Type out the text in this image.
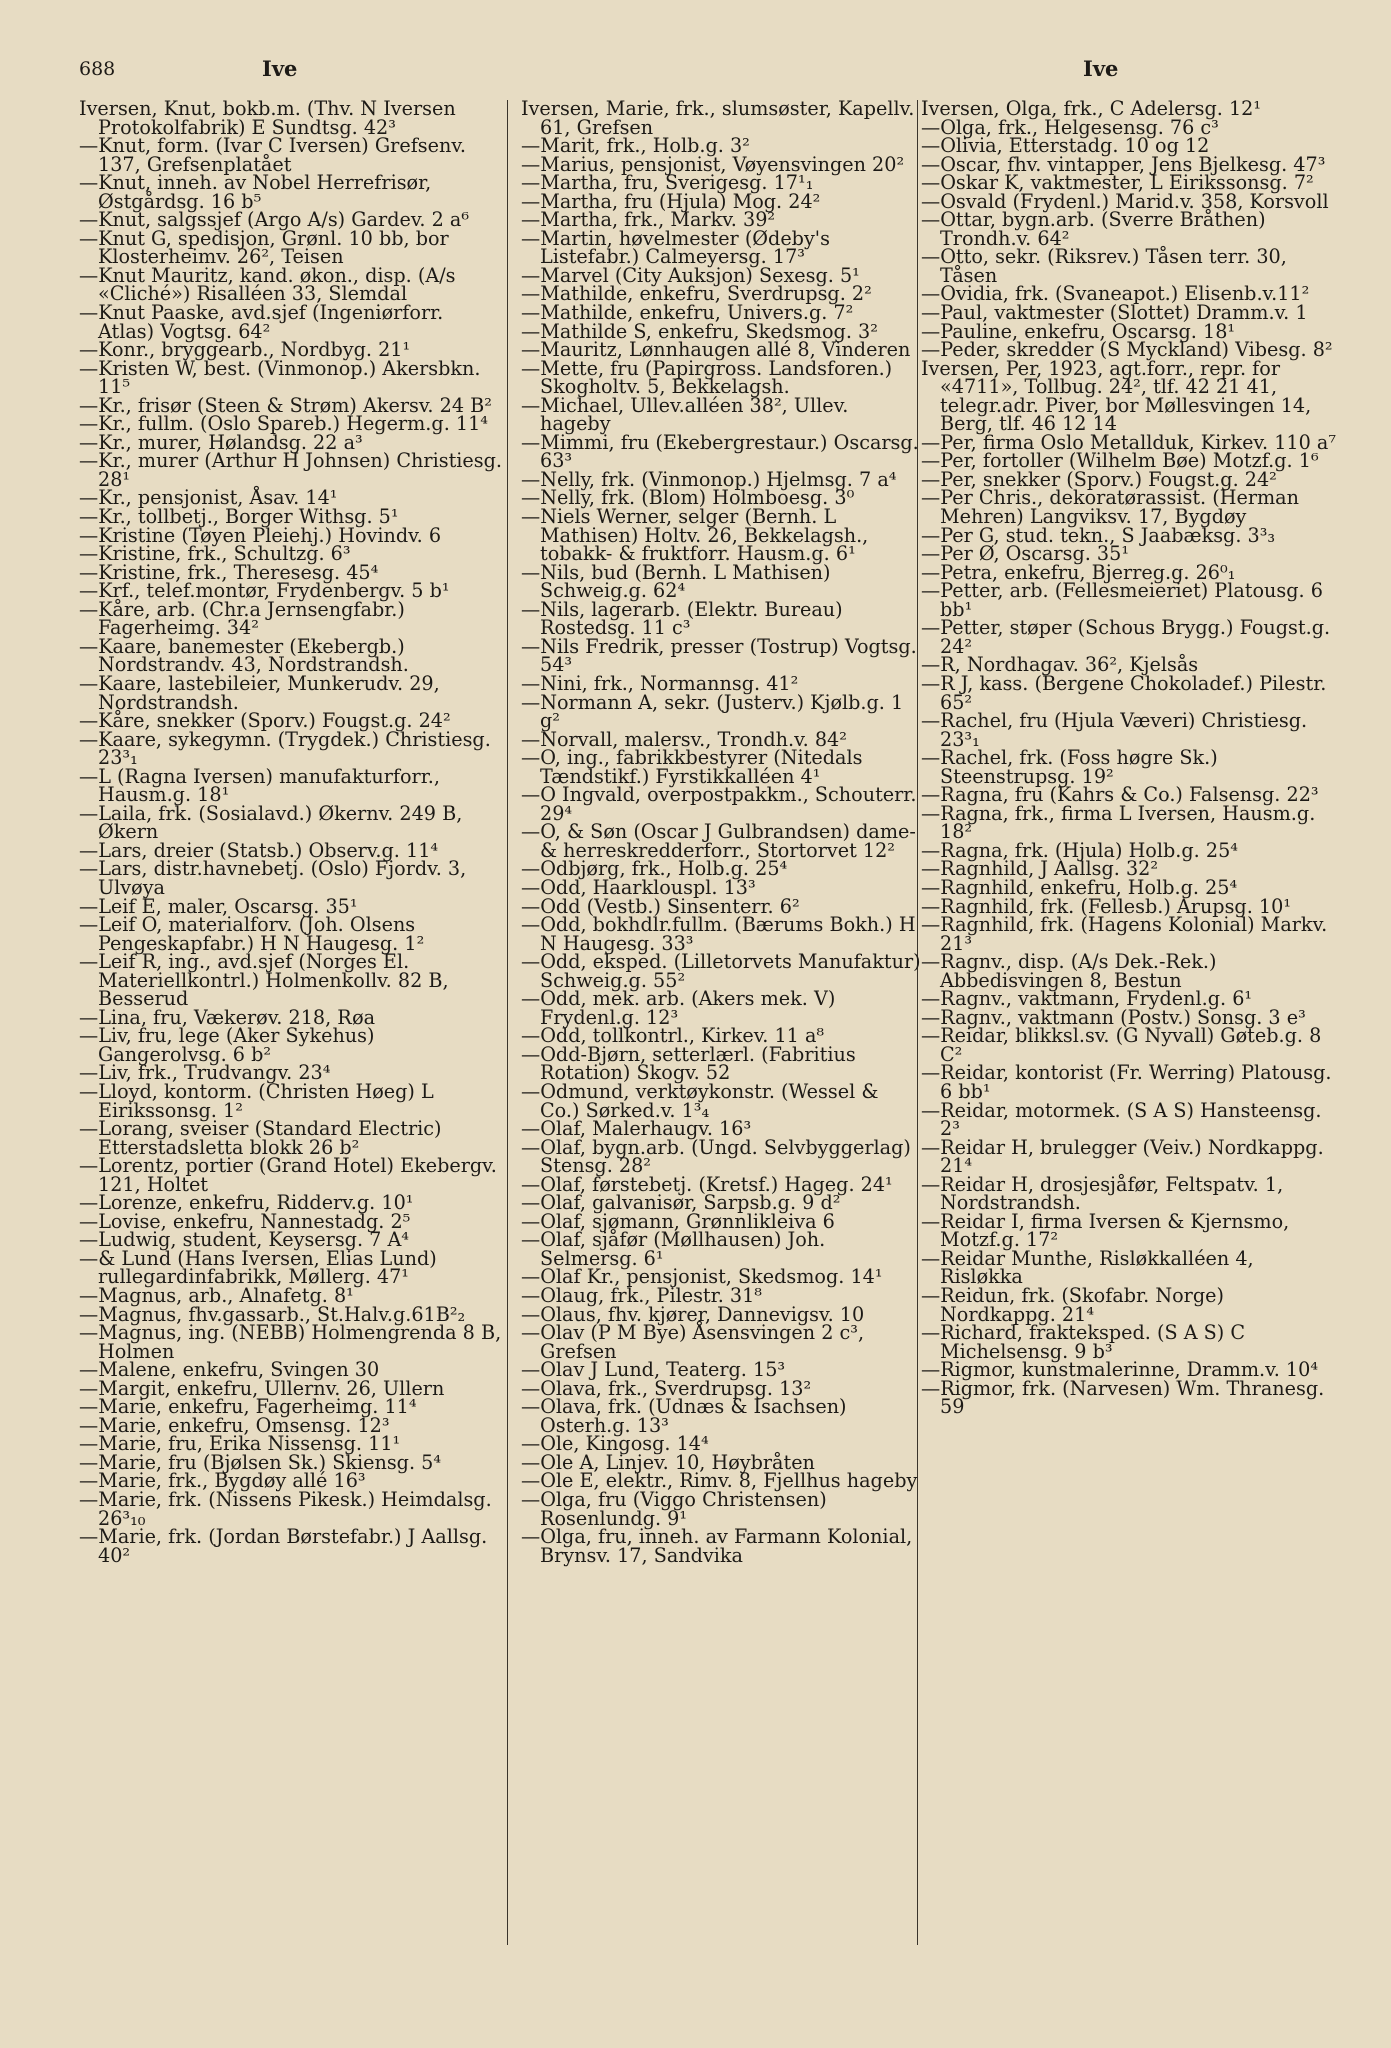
688	Ive	Ive

Iversen, Knut, bokb.m. (Thv. N Iversen Protokolfabrik) E Sundtsg. 42³

—Knut, form. (Ivar C Iversen) Grefsenv. 137, Grefsenplatået

—Knut, inneh. av Nobel Herrefrisør, Østgårdsg. 16 b⁵

—Knut, salgssjef (Argo A/s) Gardev. 2 a⁶

—Knut G, spedisjon, Grønl. 10 bb, bor Klosterheimv. 26², Teisen

—Knut Mauritz, kand. økon., disp. (A/s «Cliché») Risalléen 33, Slemdal

—Knut Paaske, avd.sjef (Ingeniørforr. Atlas) Vogtsg. 64²

—Konr., bryggearb., Nordbyg. 21¹

—Kristen W, best. (Vinmonop.) Akersbkn. 11⁵

—Kr., frisør (Steen & Strøm) Akersv. 24 B²

—Kr., fullm. (Oslo Spareb.) Hegerm.g. 11⁴

—Kr., murer, Hølandsg. 22 a³

—Kr., murer (Arthur H Johnsen) Christiesg. 28¹

—Kr., pensjonist, Åsav. 14¹

—Kr., tollbetj., Borger Withsg. 5¹

—Kristine (Tøyen Pleiehj.) Hovindv. 6

—Kristine, frk., Schultzg. 6³

—Kristine, frk., Theresesg. 45⁴

—Krf., telef.montør, Frydenbergv. 5 b¹

—Kåre, arb. (Chr.a Jernsengfabr.) Fagerheimg. 34²

—Kaare, banemester (Ekebergb.) Nordstrandv. 43, Nordstrandsh.

—Kaare, lastebileier, Munkerudv. 29, Nordstrandsh.

—Kåre, snekker (Sporv.) Fougst.g. 24²

—Kaare, sykegymn. (Trygdek.) Christiesg. 23³₁

—L (Ragna Iversen) manufakturforr., Hausm.g. 18¹

—Laila, frk. (Sosialavd.) Økernv. 249 B, Økern

—Lars, dreier (Statsb.) Observ.g. 11⁴

—Lars, distr.havnebetj. (Oslo) Fjordv. 3, Ulvøya

—Leif E, maler, Oscarsg. 35¹

—Leif O, materialforv. (Joh. Olsens Pengeskapfabr.) H N Haugesg. 1²

—Leif R, ing., avd.sjef (Norges El. Materiellkontrl.) Holmenkollv. 82 B, Besserud

—Lina, fru, Vækerøv. 218, Røa

—Liv, fru, lege (Aker Sykehus) Gangerolvsg. 6 b²

—Liv, frk., Trudvangv. 23⁴

—Lloyd, kontorm. (Christen Høeg) L Eirikssonsg. 1²

—Lorang, sveiser (Standard Electric) Etterstadsletta blokk 26 b²

—Lorentz, portier (Grand Hotel) Ekebergv. 121, Holtet

—Lorenze, enkefru, Ridderv.g. 10¹

—Lovise, enkefru, Nannestadg. 2⁵

—Ludwig, student, Keysersg. 7 A⁴

—& Lund (Hans Iversen, Elias Lund) rullegardinfabrikk, Møllerg. 47¹

—Magnus, arb., Alnafetg. 8¹

—Magnus, fhv.gassarb., St.Halv.g.61B²₂

—Magnus, ing. (NEBB) Holmengrenda 8 B, Holmen

—Malene, enkefru, Svingen 30

—Margit, enkefru, Ullernv. 26, Ullern

—Marie, enkefru, Fagerheimg. 11⁴

—Marie, enkefru, Omsensg. 12³

—Marie, fru, Erika Nissensg. 11¹

—Marie, fru (Bjølsen Sk.) Skiensg. 5⁴

—Marie, frk., Bygdøy allé 16³

—Marie, frk. (Nissens Pikesk.) Heimdalsg. 26³₁₀

—Marie, frk. (Jordan Børstefabr.) J Aallsg. 40²

Iversen, Marie, frk., slumsøster, Kapellv. 61, Grefsen

—Marit, frk., Holb.g. 3²

—Marius, pensjonist, Vøyensvingen 20²

—Martha, fru, Sverigesg. 17¹₁

—Martha, fru (Hjula) Mog. 24²

—Martha, frk., Markv. 39²

—Martin, høvelmester (Ødeby's Listefabr.) Calmeyersg. 17³

—Marvel (City Auksjon) Sexesg. 5¹

—Mathilde, enkefru, Sverdrupsg. 2²

—Mathilde, enkefru, Univers.g. 7²

—Mathilde S, enkefru, Skedsmog. 3²

—Mauritz, Lønnhaugen allé 8, Vinderen

—Mette, fru (Papirgross. Landsforen.) Skogholtv. 5, Bekkelagsh.

—Michael, Ullev.alléen 38², Ullev. hageby

—Mimmi, fru (Ekebergrestaur.) Oscarsg. 63³

—Nelly, frk. (Vinmonop.) Hjelmsg. 7 a⁴

—Nelly, frk. (Blom) Holmboesg. 3⁰

—Niels Werner, selger (Bernh. L Mathisen) Holtv. 26, Bekkelagsh., tobakk- & fruktforr. Hausm.g. 6¹

—Nils, bud (Bernh. L Mathisen) Schweig.g. 62⁴

—Nils, lagerarb. (Elektr. Bureau) Rostedsg. 11 c³

—Nils Fredrik, presser (Tostrup) Vogtsg. 54³

—Nini, frk., Normannsg. 41²

—Normann A, sekr. (Justerv.) Kjølb.g. 1 g²

—Norvall, malersv., Trondh.v. 84²

—O, ing., fabrikkbestyrer (Nitedals Tændstikf.) Fyrstikkalléen 4¹

—O Ingvald, overpostpakkm., Schouterr. 29⁴

—O, & Søn (Oscar J Gulbrandsen) dame- & herreskredderforr., Stortorvet 12²

—Odbjørg, frk., Holb.g. 25⁴

—Odd, Haarklouspl. 13³

—Odd (Vestb.) Sinsenterr. 6²

—Odd, bokhdlr.fullm. (Bærums Bokh.) H N Haugesg. 33³

—Odd, eksped. (Lilletorvets Manufaktur) Schweig.g. 55²

—Odd, mek. arb. (Akers mek. V) Frydenl.g. 12³

—Odd, tollkontrl., Kirkev. 11 a⁸

—Odd-Bjørn, setterlærl. (Fabritius Rotation) Skogv. 52

—Odmund, verktøykonstr. (Wessel & Co.) Sørked.v. 1³₄

—Olaf, Malerhaugv. 16³

—Olaf, bygn.arb. (Ungd. Selvbyggerlag) Stensg. 28²

—Olaf, førstebetj. (Kretsf.) Hageg. 24¹

—Olaf, galvanisør, Sarpsb.g. 9 d²

—Olaf, sjømann, Grønnlikleiva 6

—Olaf, sjåfør (Møllhausen) Joh. Selmersg. 6¹

—Olaf Kr., pensjonist, Skedsmog. 14¹

—Olaug, frk., Pilestr. 31⁸

—Olaus, fhv. kjører, Dannevigsv. 10

—Olav (P M Bye) Åsensvingen 2 c³, Grefsen

—Olav J Lund, Teaterg. 15³

—Olava, frk., Sverdrupsg. 13²

—Olava, frk. (Udnæs & Isachsen) Osterh.g. 13³

—Ole, Kingosg. 14⁴

—Ole A, Linjev. 10, Høybråten

—Ole E, elektr., Rimv. 8, Fjellhus hageby

—Olga, fru (Viggo Christensen) Rosenlundg. 9¹

—Olga, fru, inneh. av Farmann Kolonial, Brynsv. 17, Sandvika

Iversen, Olga, frk., C Adelersg. 12¹

—Olga, frk., Helgesensg. 76 c³

—Olivia, Etterstadg. 10 og 12

—Oscar, fhv. vintapper, Jens Bjelkesg. 47³

—Oskar K, vaktmester, L Eirikssonsg. 7²

—Osvald (Frydenl.) Marid.v. 358, Korsvoll

—Ottar, bygn.arb. (Sverre Bråthen) Trondh.v. 64²

—Otto, sekr. (Riksrev.) Tåsen terr. 30, Tåsen

—Ovidia, frk. (Svaneapot.) Elisenb.v.11²

—Paul, vaktmester (Slottet) Dramm.v. 1

—Pauline, enkefru, Oscarsg. 18¹

—Peder, skredder (S Myckland) Vibesg. 8²

Iversen, Per, 1923, agt.forr., repr. for «4711», Tollbug. 24², tlf. 42 21 41, telegr.adr. Piver, bor Møllesvingen 14, Berg, tlf. 46 12 14

—Per, firma Oslo Metallduk, Kirkev. 110 a⁷

—Per, fortoller (Wilhelm Bøe) Motzf.g. 1⁶

—Per, snekker (Sporv.) Fougst.g. 24²

—Per Chris., dekoratørassist. (Herman Mehren) Langviksv. 17, Bygdøy

—Per G, stud. tekn., S Jaabæksg. 3³₃

—Per Ø, Oscarsg. 35¹

—Petra, enkefru, Bjerreg.g. 26⁰₁

—Petter, arb. (Fellesmeieriet) Platousg. 6 bb¹

—Petter, støper (Schous Brygg.) Fougst.g. 24²

—R, Nordhagav. 36², Kjelsås

—R J, kass. (Bergene Chokoladef.) Pilestr. 65²

—Rachel, fru (Hjula Væveri) Christiesg. 23³₁

—Rachel, frk. (Foss høgre Sk.) Steenstrupsg. 19²

—Ragna, fru (Kahrs & Co.) Falsensg. 22³

—Ragna, frk., firma L Iversen, Hausm.g. 18²

—Ragna, frk. (Hjula) Holb.g. 25⁴

—Ragnhild, J Aallsg. 32²

—Ragnhild, enkefru, Holb.g. 25⁴

—Ragnhild, frk. (Fellesb.) Arupsg. 10¹

—Ragnhild, frk. (Hagens Kolonial) Markv. 21³

—Ragnv., disp. (A/s Dek.-Rek.) Abbedisvingen 8, Bestun

—Ragnv., vaktmann, Frydenl.g. 6¹

—Ragnv., vaktmann (Postv.) Sonsg. 3 e³

—Reidar, blikksl.sv. (G Nyvall) Gøteb.g. 8 C²

—Reidar, kontorist (Fr. Werring) Platousg. 6 bb¹

—Reidar, motormek. (S A S) Hansteensg. 2³

—Reidar H, brulegger (Veiv.) Nordkappg. 21⁴

—Reidar H, drosjesjåfør, Feltspatv. 1, Nordstrandsh.

—Reidar I, firma Iversen & Kjernsmo, Motzf.g. 17²

—Reidar Munthe, Risløkkalléen 4, Risløkka

—Reidun, frk. (Skofabr. Norge) Nordkappg. 21⁴

—Richard, frakteksped. (S A S) C Michelsensg. 9 b³

—Rigmor, kunstmalerinne, Dramm.v. 10⁴

—Rigmor, frk. (Narvesen) Wm. Thranesg. 59
